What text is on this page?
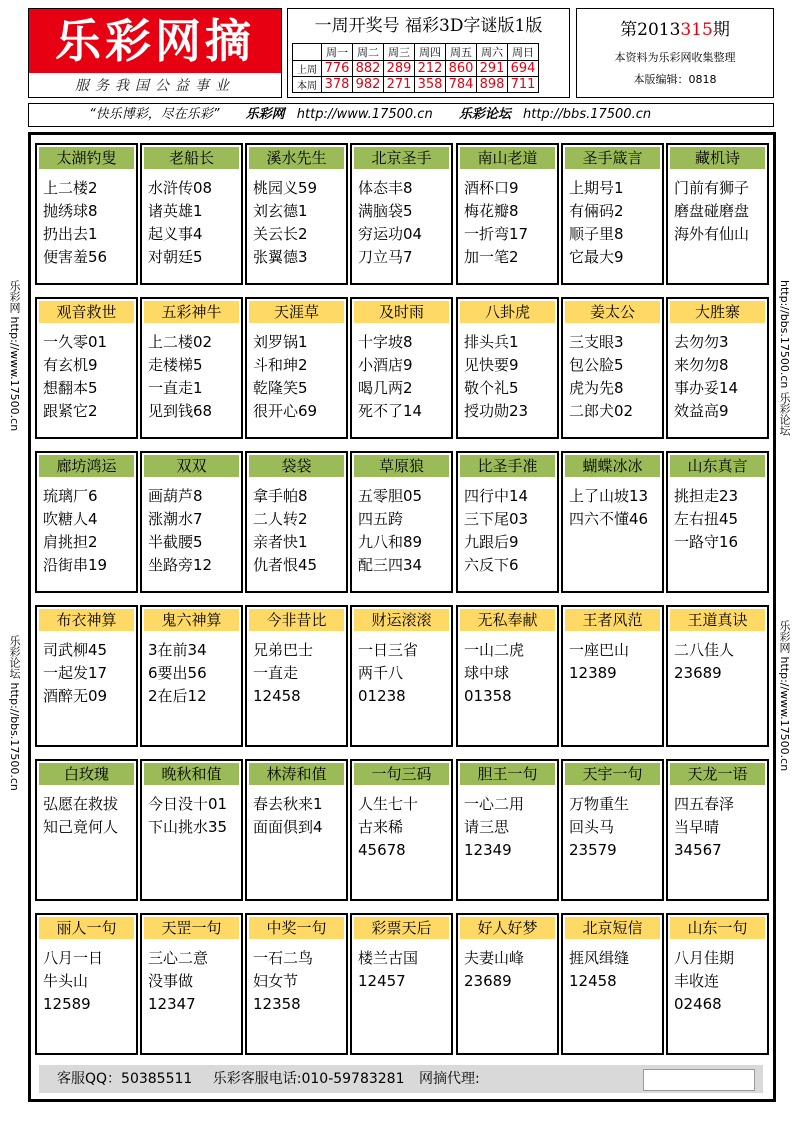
乐彩网摘
服务我国公益事业
一周开奖号 福彩3D字谜版1版
	周一	周二	周三	周四	周五	周六	周日
上周	776	882	289	212	860	291	694
本周	378	982	271	358	784	898	711
第2013315期
本资料为乐彩网收集整理
本版编辑：0818
“快乐博彩，尽在乐彩” 乐彩网 http://www.17500.cn 乐彩论坛 http://bbs.17500.cn
乐彩网 http://www.17500.cn
乐彩论坛 http://bbs.17500.cn
http://bbs.17500.cn 乐彩论坛
乐彩网 http://www.17500.cn
太湖钓叟
上二楼2
抛绣球8
扔出去1
便害羞56
老船长
水浒传08
诸英雄1
起义事4
对朝廷5
溪水先生
桃园义59
刘玄德1
关云长2
张翼德3
北京圣手
体态丰8
满脑袋5
穷运功04
刀立马7
南山老道
酒杯口9
梅花瓣8
一折弯17
加一笔2
圣手箴言
上期号1
有倆码2
顺子里8
它最大9
藏机诗
门前有狮子
磨盘碰磨盘
海外有仙山
观音救世
一久零01
有玄机9
想翻本5
跟紧它2
五彩神牛
上二楼02
走楼梯5
一直走1
见到钱68
天涯草
刘罗锅1
斗和珅2
乾隆笑5
很开心69
及时雨
十字坡8
小酒店9
喝几两2
死不了14
八卦虎
排头兵1
见快要9
敬个礼5
授功勋23
姜太公
三支眼3
包公脸5
虎为先8
二郎犬02
大胜寨
去勿勿3
来勿勿8
事办妥14
效益高9
廊坊鸿运
琉璃厂6
吹糖人4
肩挑担2
沿街串19
双双
画葫芦8
涨潮水7
半截腰5
坐路旁12
袋袋
拿手帕8
二人转2
亲者快1
仇者恨45
草原狼
五零胆05
四五跨
九八和89
配三四34
比圣手准
四行中14
三下尾03
九跟后9
六反下6
蝴蝶冰冰
上了山坡13
四六不懂46
山东真言
挑担走23
左右扭45
一路守16
布衣神算
司武柳45
一起发17
酒醉无09
鬼六神算
3在前34
6要出56
2在后12
今非昔比
兄弟巴士
一直走
12458
财运滚滚
一日三省
两千八
01238
无私奉献
一山二虎
球中球
01358
王者风范
一座巴山
12389
王道真诀
二八佳人
23689
白玫瑰
弘愿在救拔
知己竟何人
晚秋和值
今日没十01
下山挑水35
林涛和值
春去秋来1
面面俱到4
一句三码
人生七十
古来稀
45678
胆王一句
一心二用
请三思
12349
天宇一句
万物重生
回头马
23579
天龙一语
四五春泽
当早晴
34567
丽人一句
八月一日
牛头山
12589
天罡一句
三心二意
没事做
12347
中奖一句
一石二鸟
妇女节
12358
彩票天后
楼兰古国
12457
好人好梦
夫妻山峰
23689
北京短信
捱风缉缝
12458
山东一句
八月佳期
丰收连
02468
客服QQ：50385511 乐彩客服电话:010-59783281 网摘代理:
